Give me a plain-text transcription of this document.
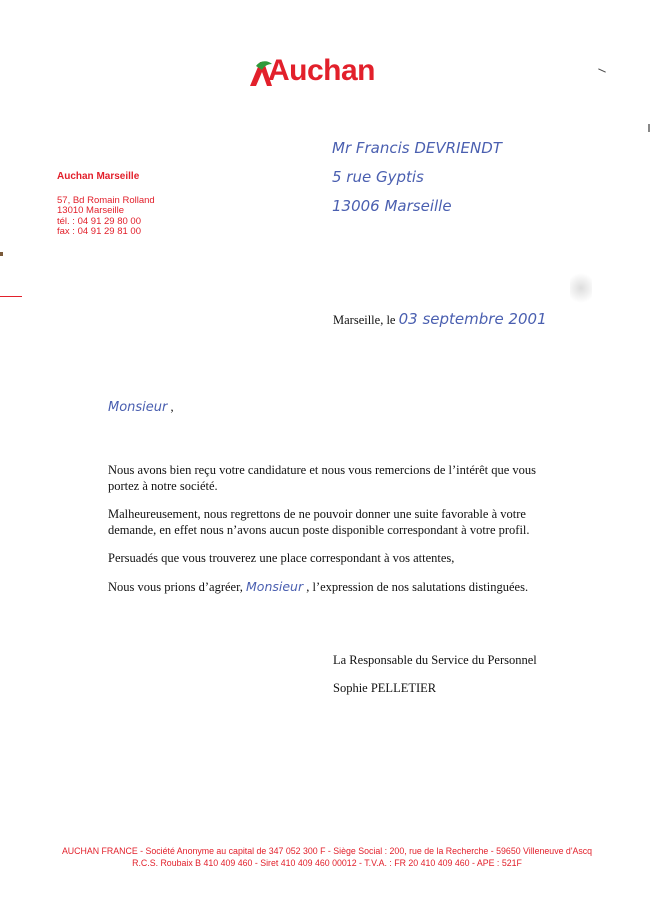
Auchan
Auchan Marseille
57, Bd Romain Rolland
13010 Marseille
tél. : 04 91 29 80 00
fax : 04 91 29 81 00
Mr Francis DEVRIENDT
5 rue Gyptis
13006 Marseille
Marseille, le 03 septembre 2001
Monsieur ,
Nous avons bien reçu votre candidature et nous vous remercions de l’intérêt que vous portez à notre société.
Malheureusement, nous regrettons de ne pouvoir donner une suite favorable à votre demande, en effet nous n’avons aucun poste disponible correspondant à votre profil.
Persuadés que vous trouverez une place correspondant à vos attentes,
Nous vous prions d’agréer, Monsieur , l’expression de nos salutations distinguées.
La Responsable du Service du Personnel
Sophie PELLETIER
AUCHAN FRANCE - Société Anonyme au capital de 347 052 300 F - Siège Social : 200, rue de la Recherche - 59650 Villeneuve d'Ascq
R.C.S. Roubaix B 410 409 460 - Siret 410 409 460 00012 - T.V.A. : FR 20 410 409 460 - APE : 521F
